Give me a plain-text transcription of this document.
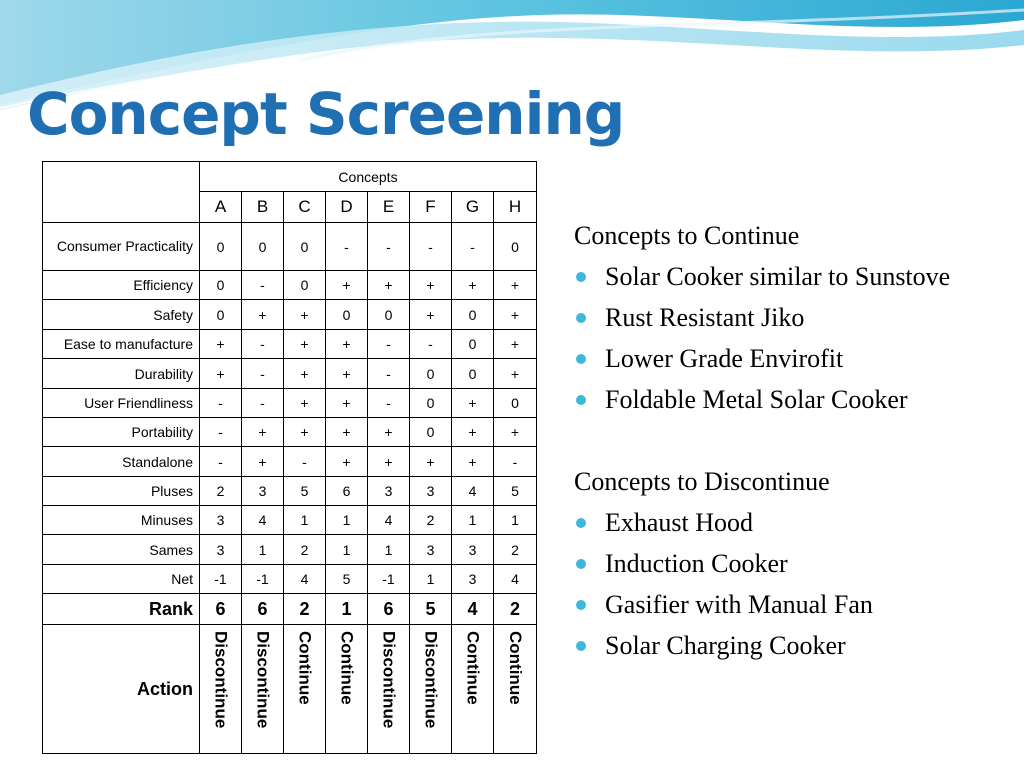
Concept Screening
	Concepts							
	A	B	C	D	E	F	G	H
Consumer Practicality	0	0	0	-	-	-	-	0
Efficiency	0	-	0	+	+	+	+	+
Safety	0	+	+	0	0	+	0	+
Ease to manufacture	+	-	+	+	-	-	0	+
Durability	+	-	+	+	-	0	0	+
User Friendliness	-	-	+	+	-	0	+	0
Portability	-	+	+	+	+	0	+	+
Standalone	-	+	-	+	+	+	+	-
Pluses	2	3	5	6	3	3	4	5
Minuses	3	4	1	1	4	2	1	1
Sames	3	1	2	1	1	3	3	2
Net	-1	-1	4	5	-1	1	3	4
Rank	6	6	2	1	6	5	4	2
Action	Discontinue	Discontinue	Continue	Continue	Discontinue	Discontinue	Continue	Continue
Concepts to Continue
Solar Cooker similar to Sunstove
Rust Resistant Jiko
Lower Grade Envirofit
Foldable Metal Solar Cooker
Concepts to Discontinue
Exhaust Hood
Induction Cooker
Gasifier with Manual Fan
Solar Charging Cooker
